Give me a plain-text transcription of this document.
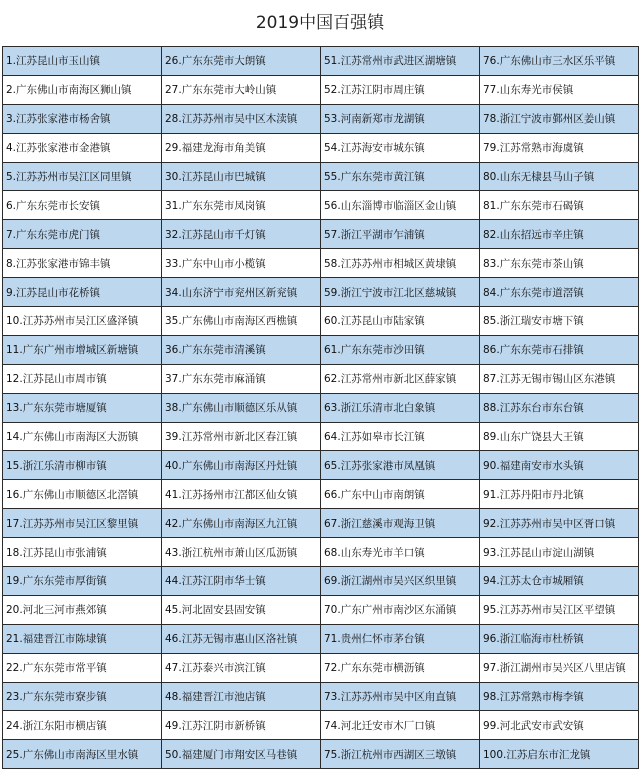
2019中国百强镇
1.江苏昆山市玉山镇	26.广东东莞市大朗镇	51.江苏常州市武进区湖塘镇	76.广东佛山市三水区乐平镇
2.广东佛山市南海区狮山镇	27.广东东莞市大岭山镇	52.江苏江阴市周庄镇	77.山东寿光市侯镇
3.江苏张家港市杨舍镇	28.江苏苏州市吴中区木渎镇	53.河南新郑市龙湖镇	78.浙江宁波市鄞州区姜山镇
4.江苏张家港市金港镇	29.福建龙海市角美镇	54.江苏海安市城东镇	79.江苏常熟市海虞镇
5.江苏苏州市吴江区同里镇	30.江苏昆山市巴城镇	55.广东东莞市黄江镇	80.山东无棣县马山子镇
6.广东东莞市长安镇	31.广东东莞市凤岗镇	56.山东淄博市临淄区金山镇	81.广东东莞市石碣镇
7.广东东莞市虎门镇	32.江苏昆山市千灯镇	57.浙江平湖市乍浦镇	82.山东招远市辛庄镇
8.江苏张家港市锦丰镇	33.广东中山市小榄镇	58.江苏苏州市相城区黄埭镇	83.广东东莞市茶山镇
9.江苏昆山市花桥镇	34.山东济宁市兖州区新兖镇	59.浙江宁波市江北区慈城镇	84.广东东莞市道滘镇
10.江苏苏州市吴江区盛泽镇	35.广东佛山市南海区西樵镇	60.江苏昆山市陆家镇	85.浙江瑞安市塘下镇
11.广东广州市增城区新塘镇	36.广东东莞市清溪镇	61.广东东莞市沙田镇	86.广东东莞市石排镇
12.江苏昆山市周市镇	37.广东东莞市麻涌镇	62.江苏常州市新北区薛家镇	87.江苏无锡市锡山区东港镇
13.广东东莞市塘厦镇	38.广东佛山市顺德区乐从镇	63.浙江乐清市北白象镇	88.江苏东台市东台镇
14.广东佛山市南海区大沥镇	39.江苏常州市新北区春江镇	64.江苏如皋市长江镇	89.山东广饶县大王镇
15.浙江乐清市柳市镇	40.广东佛山市南海区丹灶镇	65.江苏张家港市凤凰镇	90.福建南安市水头镇
16.广东佛山市顺德区北滘镇	41.江苏扬州市江都区仙女镇	66.广东中山市南朗镇	91.江苏丹阳市丹北镇
17.江苏苏州市吴江区黎里镇	42.广东佛山市南海区九江镇	67.浙江慈溪市观海卫镇	92.江苏苏州市吴中区胥口镇
18.江苏昆山市张浦镇	43.浙江杭州市萧山区瓜沥镇	68.山东寿光市羊口镇	93.江苏昆山市淀山湖镇
19.广东东莞市厚街镇	44.江苏江阴市华士镇	69.浙江湖州市吴兴区织里镇	94.江苏太仓市城厢镇
20.河北三河市燕郊镇	45.河北固安县固安镇	70.广东广州市南沙区东涌镇	95.江苏苏州市吴江区平望镇
21.福建晋江市陈埭镇	46.江苏无锡市惠山区洛社镇	71.贵州仁怀市茅台镇	96.浙江临海市杜桥镇
22.广东东莞市常平镇	47.江苏泰兴市滨江镇	72.广东东莞市横沥镇	97.浙江湖州市吴兴区八里店镇
23.广东东莞市寮步镇	48.福建晋江市池店镇	73.江苏苏州市吴中区甪直镇	98.江苏常熟市梅李镇
24.浙江东阳市横店镇	49.江苏江阴市新桥镇	74.河北迁安市木厂口镇	99.河北武安市武安镇
25.广东佛山市南海区里水镇	50.福建厦门市翔安区马巷镇	75.浙江杭州市西湖区三墩镇	100.江苏启东市汇龙镇
